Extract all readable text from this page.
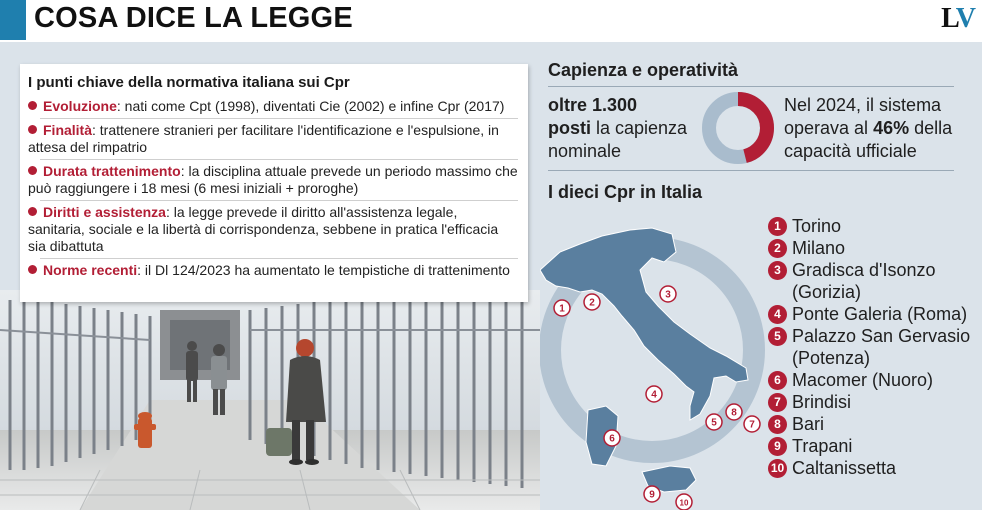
COSA DICE LA LEGGE	LV
I punti chiave della normativa italiana sui Cpr
Evoluzione: nati come Cpt (1998), diventati Cie (2002) e infine Cpr (2017)
Finalità: trattenere stranieri per facilitare l'identificazione e l'espulsione, in attesa del rimpatrio
Durata trattenimento: la disciplina attuale prevede un periodo massimo che può raggiungere i 18 mesi (6 mesi iniziali + proroghe)
Diritti e assistenza: la legge prevede il diritto all'assistenza legale, sanitaria, sociale e la libertà di corrispondenza, sebbene in pratica l'efficacia sia dibattuta
Norme recenti: il Dl 124/2023 ha aumentato le tempistiche di trattenimento
Capienza e operatività
oltre 1.300
posti la capienza
nominale
Nel 2024, il sistema
operava al 46% della
capacità ufficiale
I dieci Cpr in Italia
1
2
3
4
5
6
7
8
9
10
1 Torino
2 Milano
3 Gradisca d'Isonzo
(Gorizia)
4 Ponte Galeria (Roma)
5 Palazzo San Gervasio
(Potenza)
6 Macomer (Nuoro)
7 Brindisi
8 Bari
9 Trapani
10 Caltanissetta
